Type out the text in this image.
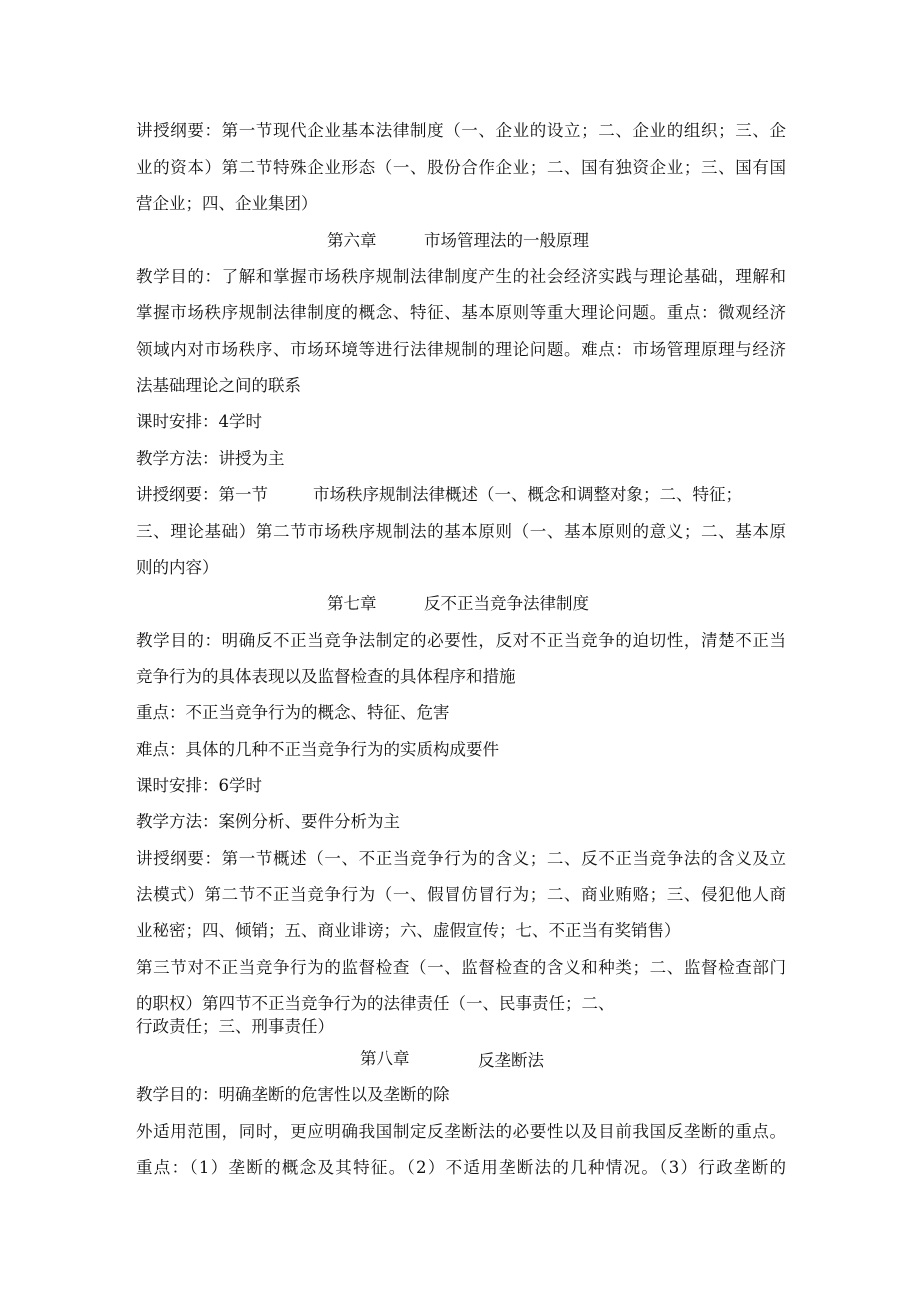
讲授纲要：第一节现代企业基本法律制度（一、企业的设立；二、企业的组织；三、企
业的资本）第二节特殊企业形态（一、股份合作企业；二、国有独资企业；三、国有国
营企业；四、企业集团）
第六章	市场管理法的一般原理
教学目的：了解和掌握市场秩序规制法律制度产生的社会经济实践与理论基础，理解和
掌握市场秩序规制法律制度的概念、特征、基本原则等重大理论问题。重点：微观经济
领域内对市场秩序、市场环境等进行法律规制的理论问题。难点：市场管理原理与经济
法基础理论之间的联系
课时安排：4学时
教学方法：讲授为主
讲授纲要：第一节	市场秩序规制法律概述（一、概念和调整对象；二、特征；
三、理论基础）第二节市场秩序规制法的基本原则（一、基本原则的意义；二、基本原
则的内容）
第七章	反不正当竞争法律制度
教学目的：明确反不正当竞争法制定的必要性，反对不正当竞争的迫切性，清楚不正当
竞争行为的具体表现以及监督检查的具体程序和措施
重点：不正当竞争行为的概念、特征、危害
难点：具体的几种不正当竞争行为的实质构成要件
课时安排：6学时
教学方法：案例分析、要件分析为主
讲授纲要：第一节概述（一、不正当竞争行为的含义；二、反不正当竞争法的含义及立
法模式）第二节不正当竞争行为（一、假冒仿冒行为；二、商业贿赂；三、侵犯他人商
业秘密；四、倾销；五、商业诽谤；六、虚假宣传；七、不正当有奖销售）
第三节对不正当竞争行为的监督检查（一、监督检查的含义和种类；二、监督检查部门
的职权）第四节不正当竞争行为的法律责任（一、民事责任；二、
行政责任；三、刑事责任）
第八章	反垄断法
教学目的：明确垄断的危害性以及垄断的除
外适用范围，同时，更应明确我国制定反垄断法的必要性以及目前我国反垄断的重点。
重点：（1）垄断的概念及其特征。（2）不适用垄断法的几种情况。（3）行政垄断的
